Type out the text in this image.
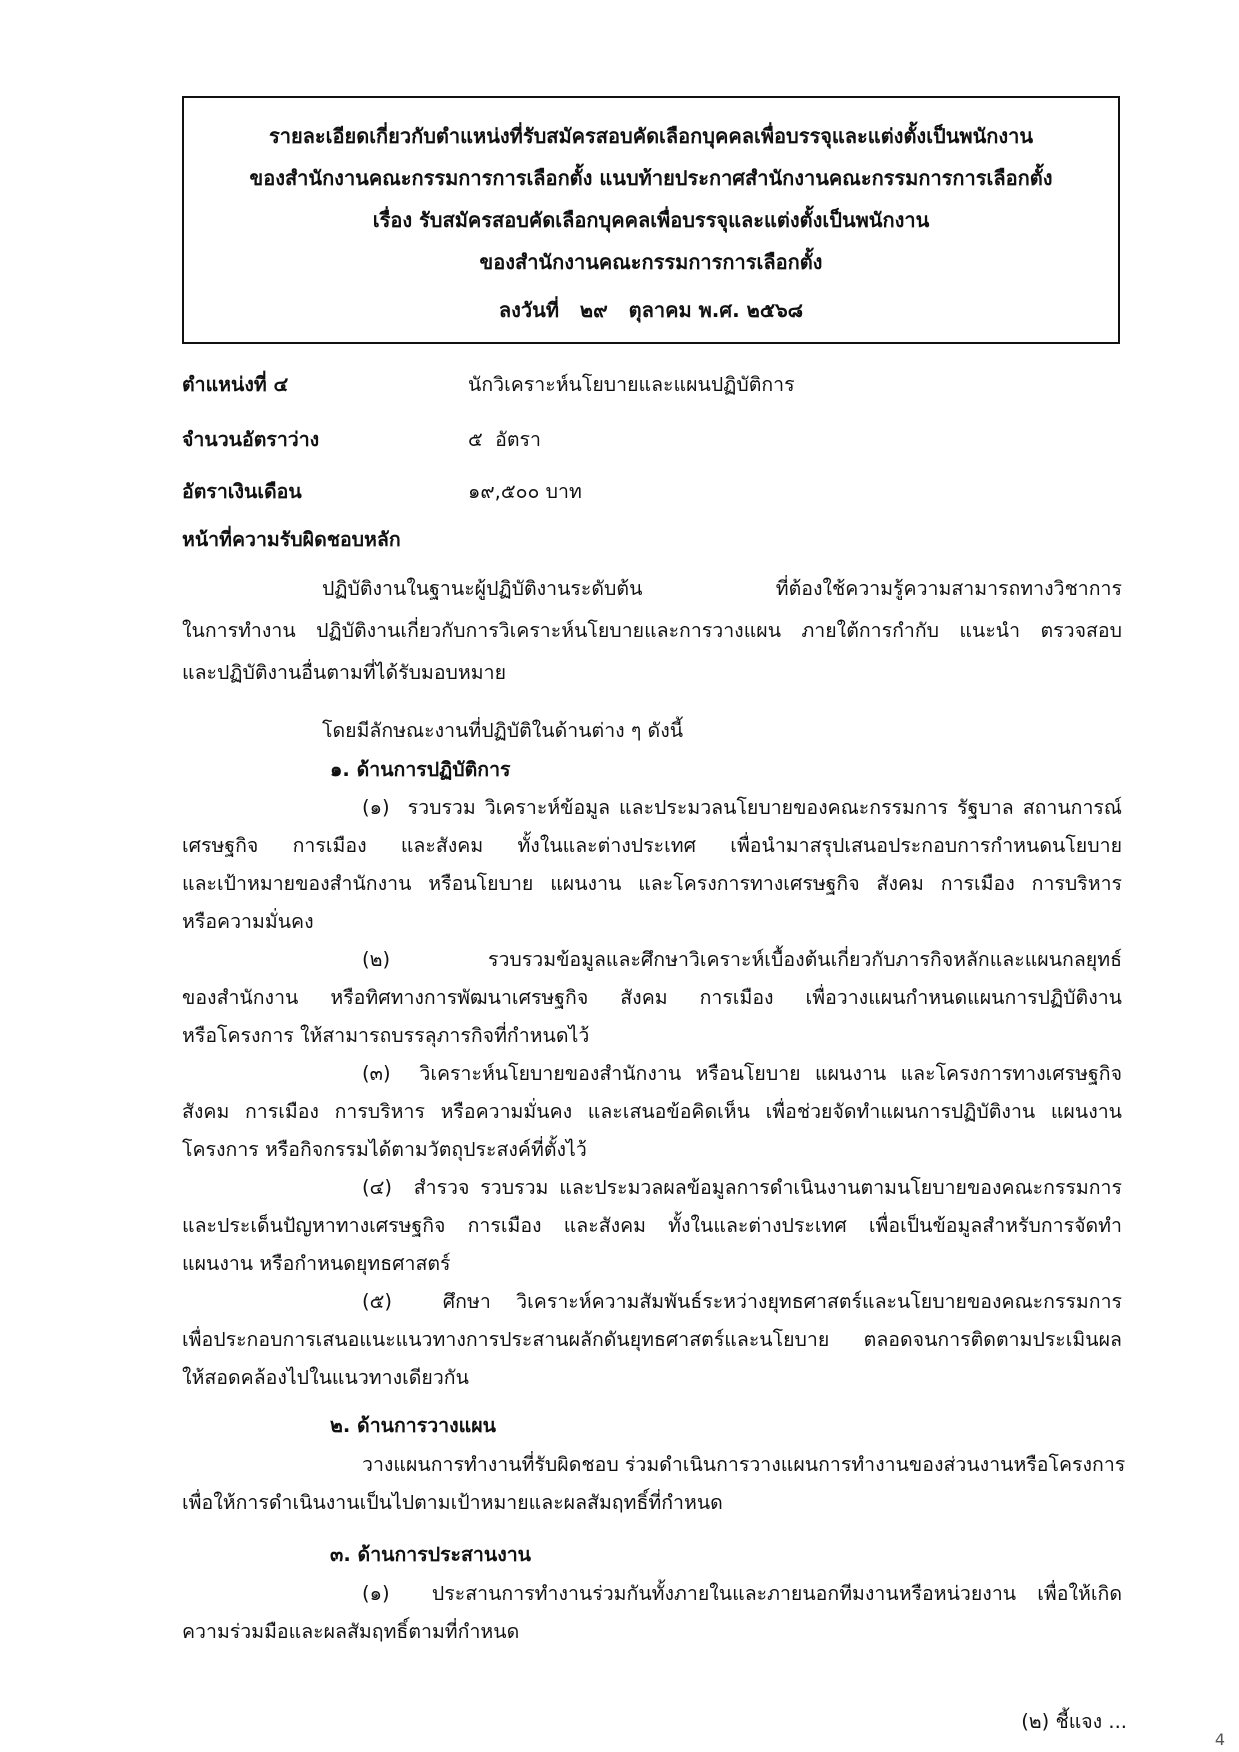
รายละเอียดเกี่ยวกับตำแหน่งที่รับสมัครสอบคัดเลือกบุคคลเพื่อบรรจุและแต่งตั้งเป็นพนักงาน
ของสำนักงานคณะกรรมการการเลือกตั้ง แนบท้ายประกาศสำนักงานคณะกรรมการการเลือกตั้ง
เรื่อง รับสมัครสอบคัดเลือกบุคคลเพื่อบรรจุและแต่งตั้งเป็นพนักงาน
ของสำนักงานคณะกรรมการการเลือกตั้ง
ลงวันที่   ๒๙   ตุลาคม พ.ศ. ๒๕๖๘
ตำแหน่งที่ ๔	นักวิเคราะห์นโยบายและแผนปฏิบัติการ
จำนวนอัตราว่าง	๕  อัตรา
อัตราเงินเดือน	๑๙,๕๐๐ บาท
หน้าที่ความรับผิดชอบหลัก
ปฏิบัติงานในฐานะผู้ปฏิบัติงานระดับต้น ที่ต้องใช้ความรู้ความสามารถทางวิชาการ
ในการทำงาน ปฏิบัติงานเกี่ยวกับการวิเคราะห์นโยบายและการวางแผน ภายใต้การกำกับ แนะนำ ตรวจสอบ
และปฏิบัติงานอื่นตามที่ได้รับมอบหมาย
โดยมีลักษณะงานที่ปฏิบัติในด้านต่าง ๆ ดังนี้
๑. ด้านการปฏิบัติการ
(๑)  รวบรวม วิเคราะห์ข้อมูล และประมวลนโยบายของคณะกรรมการ รัฐบาล สถานการณ์
เศรษฐกิจ การเมือง และสังคม ทั้งในและต่างประเทศ เพื่อนำมาสรุปเสนอประกอบการกำหนดนโยบาย
และเป้าหมายของสำนักงาน หรือนโยบาย แผนงาน และโครงการทางเศรษฐกิจ สังคม การเมือง การบริหาร
หรือความมั่นคง
(๒)  รวบรวมข้อมูลและศึกษาวิเคราะห์เบื้องต้นเกี่ยวกับภารกิจหลักและแผนกลยุทธ์
ของสำนักงาน หรือทิศทางการพัฒนาเศรษฐกิจ สังคม การเมือง เพื่อวางแผนกำหนดแผนการปฏิบัติงาน
หรือโครงการ ให้สามารถบรรลุภารกิจที่กำหนดไว้
(๓)  วิเคราะห์นโยบายของสำนักงาน หรือนโยบาย แผนงาน และโครงการทางเศรษฐกิจ
สังคม การเมือง การบริหาร หรือความมั่นคง และเสนอข้อคิดเห็น เพื่อช่วยจัดทำแผนการปฏิบัติงาน แผนงาน
โครงการ หรือกิจกรรมได้ตามวัตถุประสงค์ที่ตั้งไว้
(๔)  สำรวจ รวบรวม และประมวลผลข้อมูลการดำเนินงานตามนโยบายของคณะกรรมการ
และประเด็นปัญหาทางเศรษฐกิจ การเมือง และสังคม ทั้งในและต่างประเทศ เพื่อเป็นข้อมูลสำหรับการจัดทำ
แผนงาน หรือกำหนดยุทธศาสตร์
(๕)  ศึกษา วิเคราะห์ความสัมพันธ์ระหว่างยุทธศาสตร์และนโยบายของคณะกรรมการ
เพื่อประกอบการเสนอแนะแนวทางการประสานผลักดันยุทธศาสตร์และนโยบาย ตลอดจนการติดตามประเมินผล
ให้สอดคล้องไปในแนวทางเดียวกัน
๒. ด้านการวางแผน
วางแผนการทำงานที่รับผิดชอบ ร่วมดำเนินการวางแผนการทำงานของส่วนงานหรือโครงการ
เพื่อให้การดำเนินงานเป็นไปตามเป้าหมายและผลสัมฤทธิ์ที่กำหนด
๓. ด้านการประสานงาน
(๑)  ประสานการทำงานร่วมกันทั้งภายในและภายนอกทีมงานหรือหน่วยงาน เพื่อให้เกิด
ความร่วมมือและผลสัมฤทธิ์ตามที่กำหนด
(๒) ชี้แจง ...
4
